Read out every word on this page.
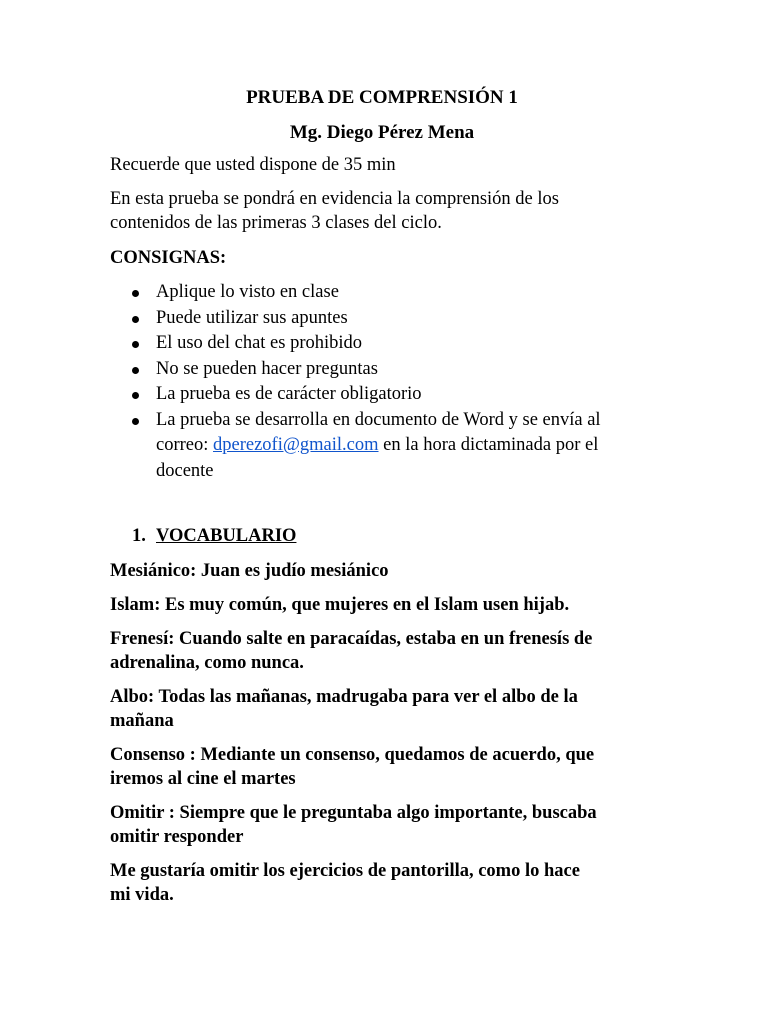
PRUEBA DE COMPRENSIÓN 1

Mg. Diego Pérez Mena

Recuerde que usted dispone de 35 min

En esta prueba se pondrá en evidencia la comprensión de los

contenidos de las primeras 3 clases del ciclo.

CONSIGNAS:

Aplique lo visto en clase
Puede utilizar sus apuntes
El uso del chat es prohibido
No se pueden hacer preguntas
La prueba es de carácter obligatorio
La prueba se desarrolla en documento de Word y se envía al
correo: dperezofi@gmail.com en la hora dictaminada por el
docente
1. VOCABULARIO

Mesiánico: Juan es judío mesiánico

Islam: Es muy común, que mujeres en el Islam usen hijab.

Frenesí: Cuando salte en paracaídas, estaba en un frenesís de

adrenalina, como nunca.

Albo: Todas las mañanas, madrugaba para ver el albo de la

mañana

Consenso : Mediante un consenso, quedamos de acuerdo, que

iremos al cine el martes

Omitir : Siempre que le preguntaba algo importante, buscaba

omitir responder

Me gustaría omitir los ejercicios de pantorilla, como lo hace

mi vida.
